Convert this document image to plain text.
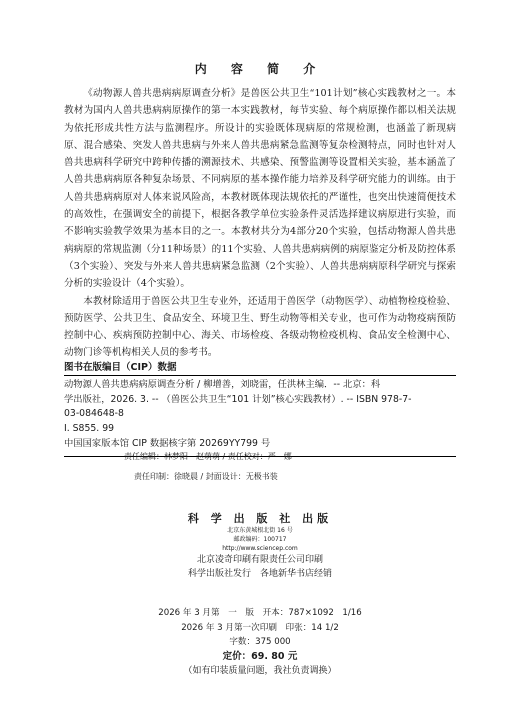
内 容 简 介

《动物源人兽共患病病原调查分析》是兽医公共卫生“101计划”核心实践教材之一。本教材为国内人兽共患病病原操作的第一本实践教材，每节实验、每个病原操作都以相关法规为依托形成共性方法与监测程序。所设计的实验既体现病原的常规检测，也涵盖了新现病原、混合感染、突发人兽共患病与外来人兽共患病紧急监测等复杂检测特点，同时也针对人兽共患病科学研究中跨种传播的溯源技术、共感染、预警监测等设置相关实验，基本涵盖了人兽共患病病原各种复杂场景、不同病原的基本操作能力培养及科学研究能力的训练。由于人兽共患病病原对人体来说风险高，本教材既体现法规依托的严谨性，也突出快速简便技术的高效性，在强调安全的前提下，根据各教学单位实验条件灵活选择建议病原进行实验，而不影响实验教学效果为基本目的之一。本教材共分为4部分20个实验，包括动物源人兽共患病病原的常规监测（分11种场景）的11个实验、人兽共患病病例的病原鉴定分析及防控体系（3个实验）、突发与外来人兽共患病紧急监测（2个实验）、人兽共患病病原科学研究与探索分析的实验设计（4个实验）。

本教材除适用于兽医公共卫生专业外，还适用于兽医学（动物医学）、动植物检疫检验、预防医学、公共卫生、食品安全、环境卫生、野生动物等相关专业，也可作为动物疫病预防控制中心、疾病预防控制中心、海关、市场检疫、各级动物检疫机构、食品安全检测中心、动物门诊等机构相关人员的参考书。

图书在版编目（CIP）数据
动物源人兽共患病病原调查分析 / 柳增善，刘晓雷，任洪林主编．-- 北京：科
学出版社，2026. 3. -- （兽医公共卫生“101 计划”核心实践教材）. -- ISBN 978-7-
03-084648-8
Ⅰ. S855. 99
中国国家版本馆 CIP 数据核字第 20269YY799 号
责任编辑：林梦阳　赵萌萌 / 责任校对：严　娜
责任印制：徐晓晨 / 封面设计：无极书装
科 学 出 版 社 出版
北京东黄城根北街 16 号
邮政编码：100717
http://www.sciencep.com
北京凌奇印刷有限责任公司印刷
科学出版社发行　各地新华书店经销
2026 年 3 月第　一　版　开本：787×1092　1/16
2026 年 3 月第一次印刷　印张：14 1/2
字数：375 000
定价：69. 80 元
（如有印装质量问题，我社负责调换）
